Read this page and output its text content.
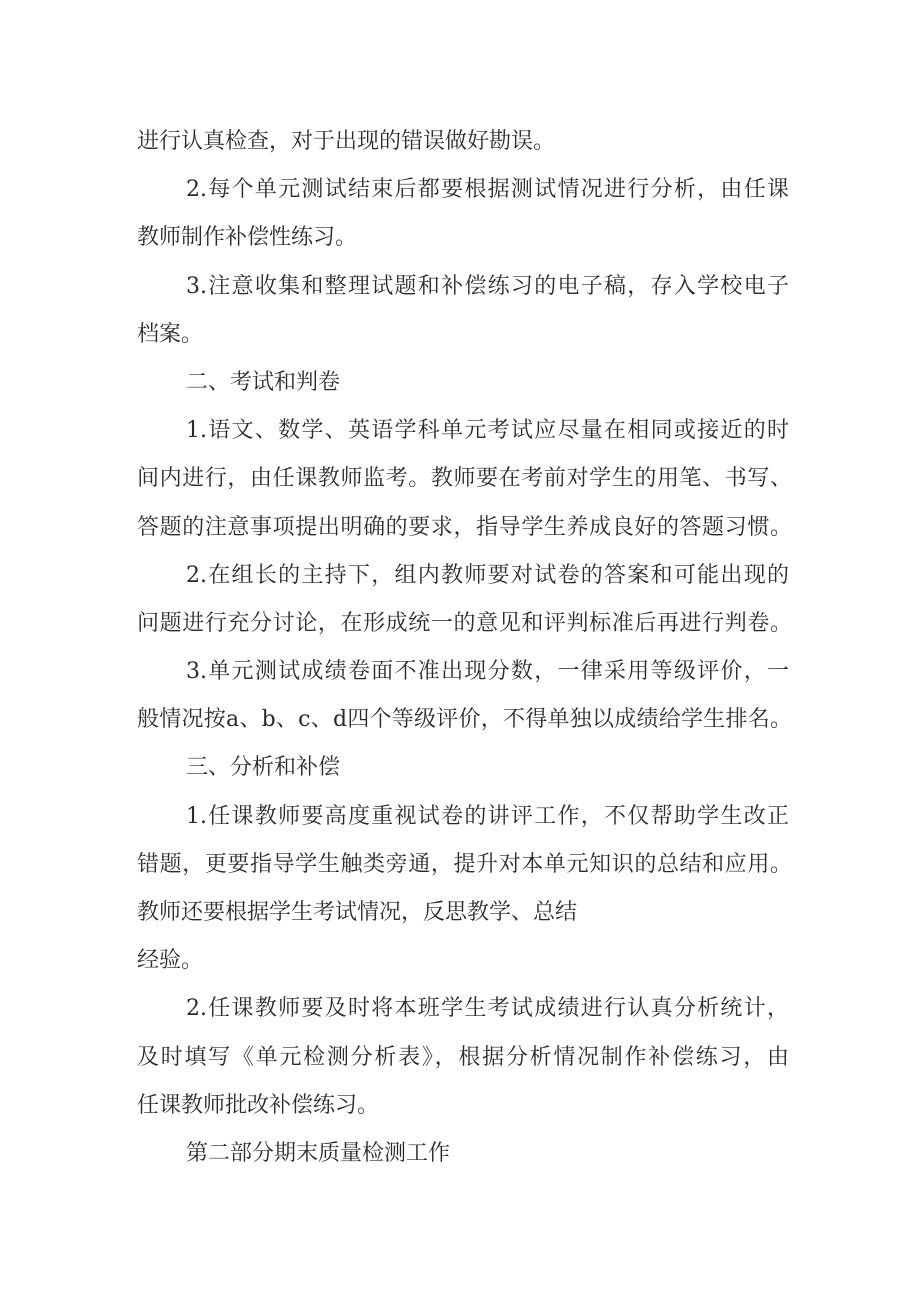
进行认真检查，对于出现的错误做好勘误。
2.每个单元测试结束后都要根据测试情况进行分析，由任课
教师制作补偿性练习。
3.注意收集和整理试题和补偿练习的电子稿，存入学校电子
档案。
二、考试和判卷
1.语文、数学、英语学科单元考试应尽量在相同或接近的时
间内进行，由任课教师监考。教师要在考前对学生的用笔、书写、
答题的注意事项提出明确的要求，指导学生养成良好的答题习惯。
2.在组长的主持下，组内教师要对试卷的答案和可能出现的
问题进行充分讨论，在形成统一的意见和评判标准后再进行判卷。
3.单元测试成绩卷面不准出现分数，一律采用等级评价，一
般情况按a、b、c、d四个等级评价，不得单独以成绩给学生排名。
三、分析和补偿
1.任课教师要高度重视试卷的讲评工作，不仅帮助学生改正
错题，更要指导学生触类旁通，提升对本单元知识的总结和应用。
教师还要根据学生考试情况，反思教学、总结
经验。
2.任课教师要及时将本班学生考试成绩进行认真分析统计，
及时填写《单元检测分析表》，根据分析情况制作补偿练习，由
任课教师批改补偿练习。
第二部分期末质量检测工作
